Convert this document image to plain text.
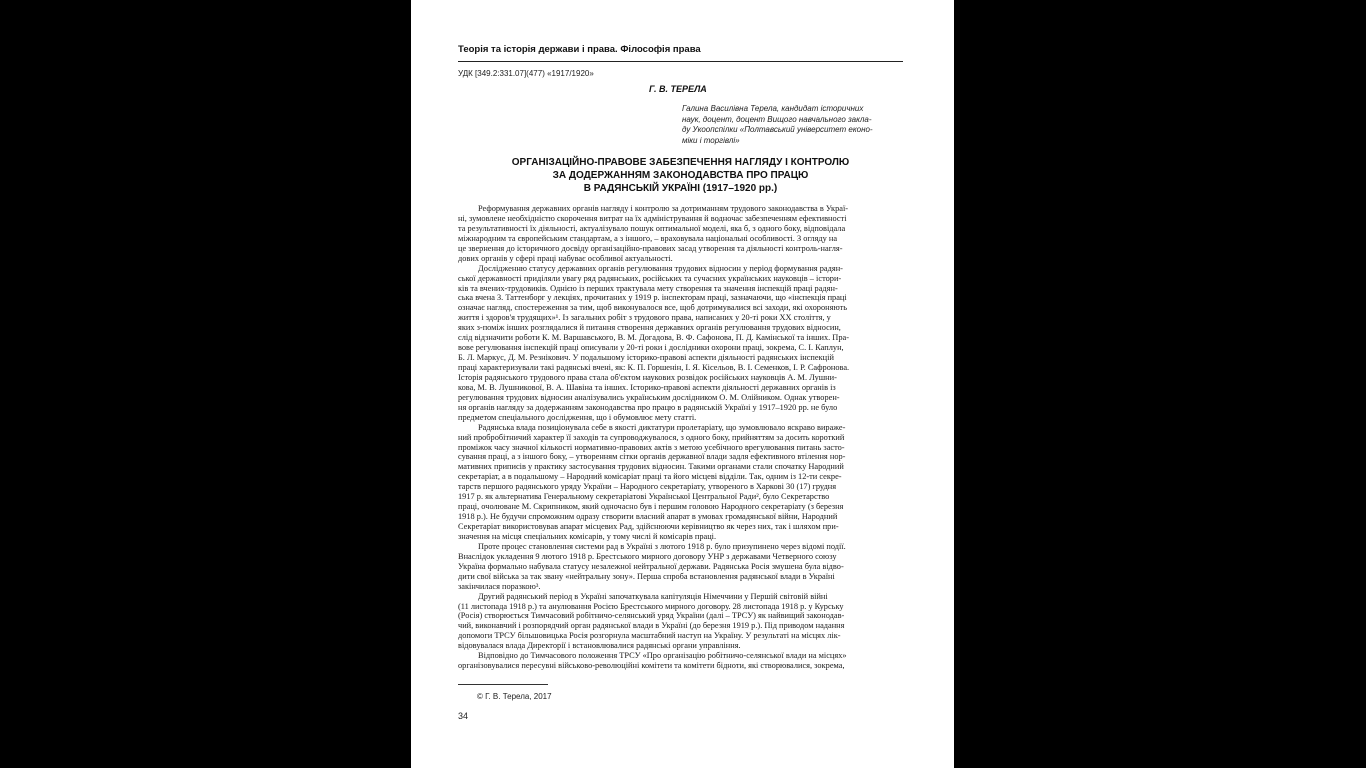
Теорія та історія держави і права. Філософія права
УДК [349.2:331.07](477) «1917/1920»
Г. В. ТЕРЕЛА
Галина Василівна Терела, кандидат історичних
наук, доцент, доцент Вищого навчального закла-
ду Укоопспілки «Полтавський університет еконо-
міки і торгівлі»
ОРГАНІЗАЦІЙНО-ПРАВОВЕ ЗАБЕЗПЕЧЕННЯ НАГЛЯДУ І КОНТРОЛЮ
ЗА ДОДЕРЖАННЯМ ЗАКОНОДАВСТВА ПРО ПРАЦЮ
В РАДЯНСЬКІЙ УКРАЇНІ (1917–1920 рр.)

Реформування державних органів нагляду і контролю за дотриманням трудового законодавства в Украї-
ні, зумовлене необхідністю скорочення витрат на їх адміністрування й водночас забезпеченням ефективності
та результативності їх діяльності, актуалізувало пошук оптимальної моделі, яка б, з одного боку, відповідала
міжнародним та європейським стандартам, а з іншого, – враховувала національні особливості. З огляду на
це звернення до історичного досвіду організаційно-правових засад утворення та діяльності контроль-нагля-
дових органів у сфері праці набуває особливої актуальності.

Дослідженню статусу державних органів регулювання трудових відносин у період формування радян-
ської державності приділяли увагу ряд радянських, російських та сучасних українських науковців – істори-
ків та вчених-трудовиків. Однією із перших трактувала мету створення та значення інспекцій праці радян-
ська вчена З. Таттенборг у лекціях, прочитаних у 1919 р. інспекторам праці, зазначаючи, що «інспекція праці
означає нагляд, спостереження за тим, щоб виконувалося все, щоб дотримувалися всі заходи, які охороняють
життя і здоров'я трудящих»¹. Із загальних робіт з трудового права, написаних у 20-ті роки ХХ століття, у
яких з-поміж інших розглядалися й питання створення державних органів регулювання трудових відносин,
слід відзначити роботи К. М. Варшавського, В. М. Догадова, В. Ф. Сафонова, П. Д. Камінської та інших. Пра-
вове регулювання інспекцій праці описували у 20-ті роки і дослідники охорони праці, зокрема, С. І. Каплун,
Б. Л. Маркус, Д. М. Резнікович. У подальшому історико-правові аспекти діяльності радянських інспекцій
праці характеризували такі радянські вчені, як: К. П. Горшенін, І. Я. Кісельов, В. І. Семенков, І. Р. Сафронова.
Історія радянського трудового права стала об'єктом наукових розвідок російських науковців А. М. Лушни-
кова, М. В. Лушникової, В. А. Шавіна та інших. Історико-правові аспекти діяльності державних органів із
регулювання трудових відносин аналізувались українським дослідником О. М. Олійником. Однак утворен-
ня органів нагляду за додержанням законодавства про працю в радянській Україні у 1917–1920 рр. не було
предметом спеціального дослідження, що і обумовлює мету статті.

Радянська влада позиціонувала себе в якості диктатури пролетаріату, що зумовлювало яскраво вираже-
ний пробробітничий характер її заходів та супроводжувалося, з одного боку, прийняттям за досить короткий
проміжок часу значної кількості нормативно-правових актів з метою усебічного врегулювання питань засто-
сування праці, а з іншого боку, – утворенням сітки органів державної влади задля ефективного втілення нор-
мативних приписів у практику застосування трудових відносин. Такими органами стали спочатку Народний
секретаріат, а в подальшому – Народний комісаріат праці та його місцеві відділи. Так, одним із 12-ти секре-
тарств першого радянського уряду України – Народного секретаріату, утвореного в Харкові 30 (17) грудня
1917 р. як альтернатива Генеральному секретаріатові Української Центральної Ради², було Секретарство
праці, очолюване М. Скрипником, який одночасно був і першим головою Народного секретаріату (з березня
1918 р.). Не будучи спроможним одразу створити власний апарат в умовах громадянської війни, Народний
Секретаріат використовував апарат місцевих Рад, здійснюючи керівництво як через них, так і шляхом при-
значення на місця спеціальних комісарів, у тому числі й комісарів праці.

Проте процес становлення системи рад в Україні з лютого 1918 р. було призупинено через відомі події.
Внаслідок укладення 9 лютого 1918 р. Брестського мирного договору УНР з державами Четверного союзу
Україна формально набувала статусу незалежної нейтральної держави. Радянська Росія змушена була відво-
дити свої війська за так звану «нейтральну зону». Перша спроба встановлення радянської влади в Україні
закінчилася поразкою³.

Другий радянський період в Україні започаткувала капітуляція Німеччини у Першій світовій війні
(11 листопада 1918 р.) та анулювання Росією Брестського мирного договору. 28 листопада 1918 р. у Курську
(Росія) створюється Тимчасовий робітничо-селянський уряд України (далі – ТРСУ) як найвищий законодав-
чий, виконавчий і розпорядчий орган радянської влади в Україні (до березня 1919 р.). Під приводом надання
допомоги ТРСУ більшовицька Росія розгорнула масштабний наступ на Україну. У результаті на місцях лік-
відовувалася влада Директорії і встановлювалися радянські органи управління.

Відповідно до Тимчасового положення ТРСУ «Про організацію робітничо-селянської влади на місцях»
організовувалися пересувні військово-революційні комітети та комітети бідноти, які створювалися, зокрема,

© Г. В. Терела, 2017
34
